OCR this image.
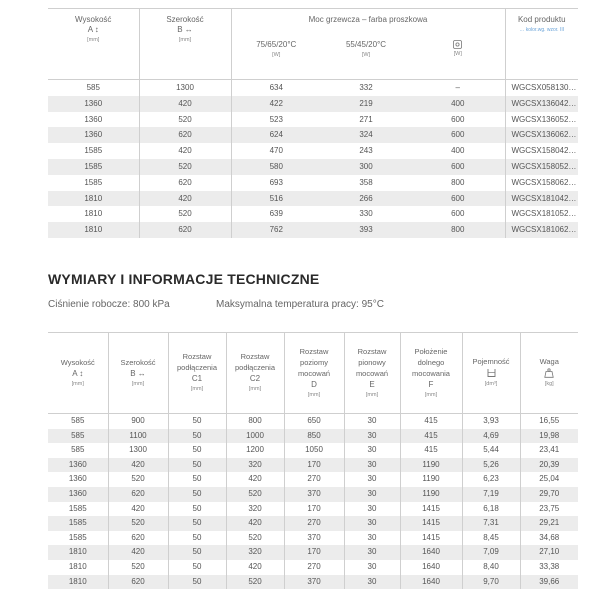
Wysokość
A ↕
[mm]	Szerokość
B ↔
[mm]	Moc grzewcza – farba proszkowa			Kod produktu
… kolor.wg. wzor. III

		75/65/20°C
[W]	55/45/20°C
[W]	[W]	

585	1300	634	332	–	WGCSX058130…
1360	420	422	219	400	WGCSX136042…
1360	520	523	271	600	WGCSX136052…
1360	620	624	324	600	WGCSX136062…
1585	420	470	243	400	WGCSX158042…
1585	520	580	300	600	WGCSX158052…
1585	620	693	358	800	WGCSX158062…
1810	420	516	266	600	WGCSX181042…
1810	520	639	330	600	WGCSX181052…
1810	620	762	393	800	WGCSX181062…
WYMIARY I INFORMACJE TECHNICZNE
Ciśnienie robocze: 800 kPa	Maksymalna temperatura pracy: 95°C
Wysokość
A ↕
[mm]	Szerokość
B ↔
[mm]	Rozstaw
podłączenia
C1
[mm]	Rozstaw
podłączenia
C2
[mm]	Rozstaw
poziomy
mocowań
D
[mm]	Rozstaw
pionowy
mocowań
E
[mm]	Położenie
dolnego
mocowania
F
[mm]	Pojemność
[dm³]	Waga
[kg]

585	900	50	800	650	30	415	3,93	16,55
585	1100	50	1000	850	30	415	4,69	19,98
585	1300	50	1200	1050	30	415	5,44	23,41
1360	420	50	320	170	30	1190	5,26	20,39
1360	520	50	420	270	30	1190	6,23	25,04
1360	620	50	520	370	30	1190	7,19	29,70
1585	420	50	320	170	30	1415	6,18	23,75
1585	520	50	420	270	30	1415	7,31	29,21
1585	620	50	520	370	30	1415	8,45	34,68
1810	420	50	320	170	30	1640	7,09	27,10
1810	520	50	420	270	30	1640	8,40	33,38
1810	620	50	520	370	30	1640	9,70	39,66
